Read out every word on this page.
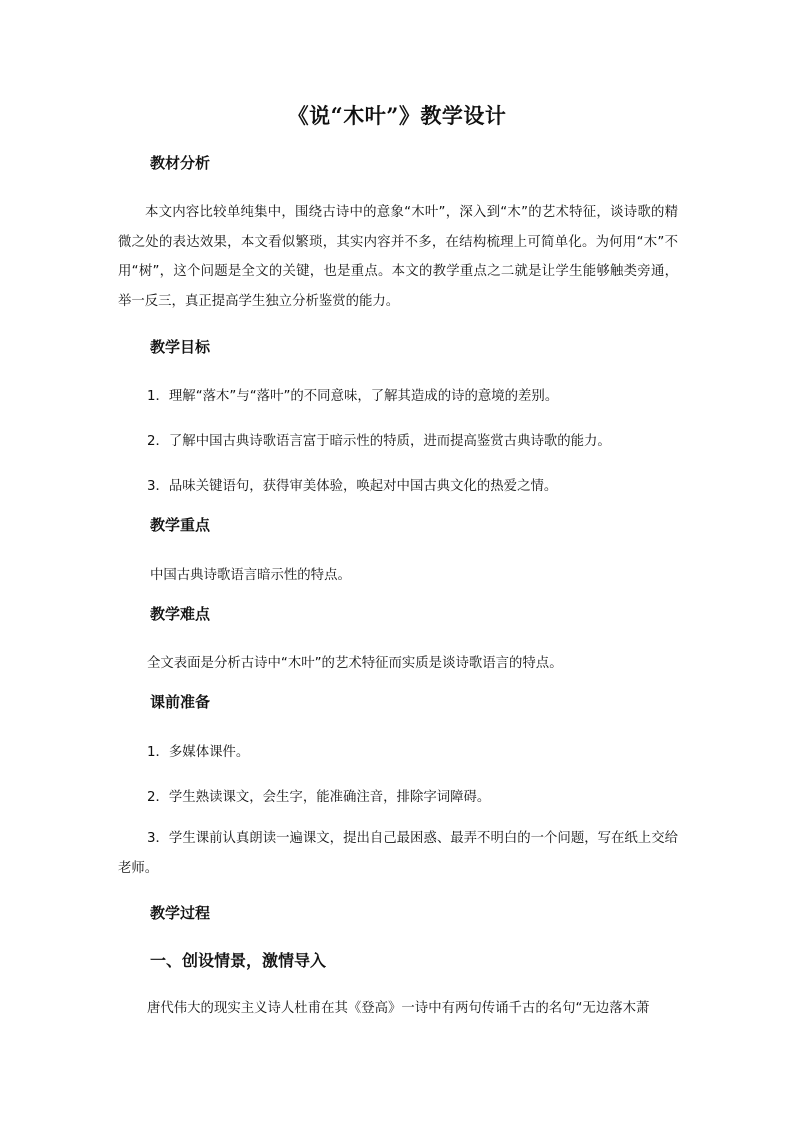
《说“木叶”》教学设计
教材分析
本文内容比较单纯集中，围绕古诗中的意象“木叶”，深入到“木”的艺术特征，谈诗歌的精微之处的表达效果，本文看似繁琐，其实内容并不多，在结构梳理上可简单化。为何用“木”不用“树”，这个问题是全文的关键，也是重点。本文的教学重点之二就是让学生能够触类旁通，举一反三，真正提高学生独立分析鉴赏的能力。
教学目标
1．理解“落木”与“落叶”的不同意味，了解其造成的诗的意境的差别。
2．了解中国古典诗歌语言富于暗示性的特质，进而提高鉴赏古典诗歌的能力。
3．品味关键语句，获得审美体验，唤起对中国古典文化的热爱之情。
教学重点
中国古典诗歌语言暗示性的特点。
教学难点
全文表面是分析古诗中“木叶”的艺术特征而实质是谈诗歌语言的特点。
课前准备
1．多媒体课件。
2．学生熟读课文，会生字，能准确注音，排除字词障碍。
3．学生课前认真朗读一遍课文，提出自己最困惑、最弄不明白的一个问题，写在纸上交给老师。
教学过程
一、创设情景，激情导入
唐代伟大的现实主义诗人杜甫在其《登高》一诗中有两句传诵千古的名句“无边落木萧
